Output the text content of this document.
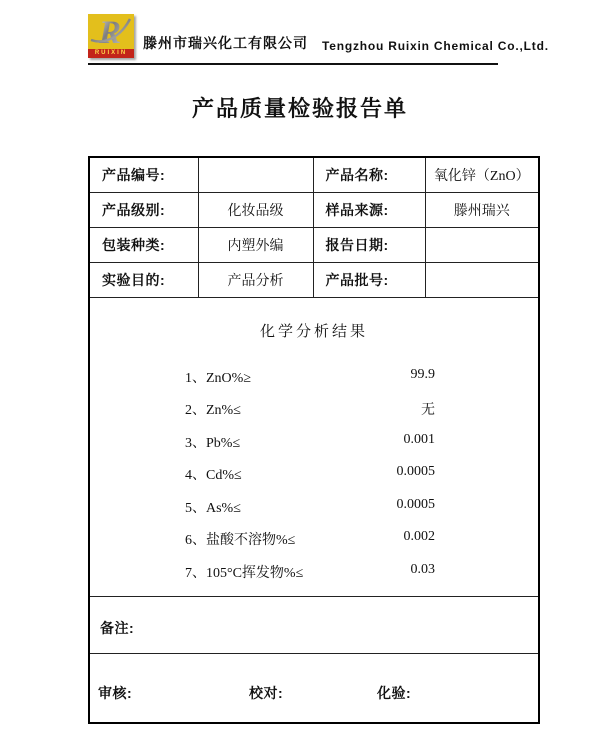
R
RUIXIN
滕州市瑞兴化工有限公司 Tengzhou Ruixin Chemical Co.,Ltd.
产品质量检验报告单
产品编号:		产品名称:	氧化锌（ZnO）
产品级别:	化妆品级	样品来源:	滕州瑞兴
包装种类:	内塑外编	报告日期:	
实验目的:	产品分析	产品批号:	

化学分析结果
1、ZnO%≥	99.9
2、Zn%≤	无
3、Pb%≤	0.001
4、Cd%≤	0.0005
5、As%≤	0.0005
6、盐酸不溶物%≤	0.002
7、105°C挥发物%≤	0.03

备注:			

审核: 校对: 化验:			
